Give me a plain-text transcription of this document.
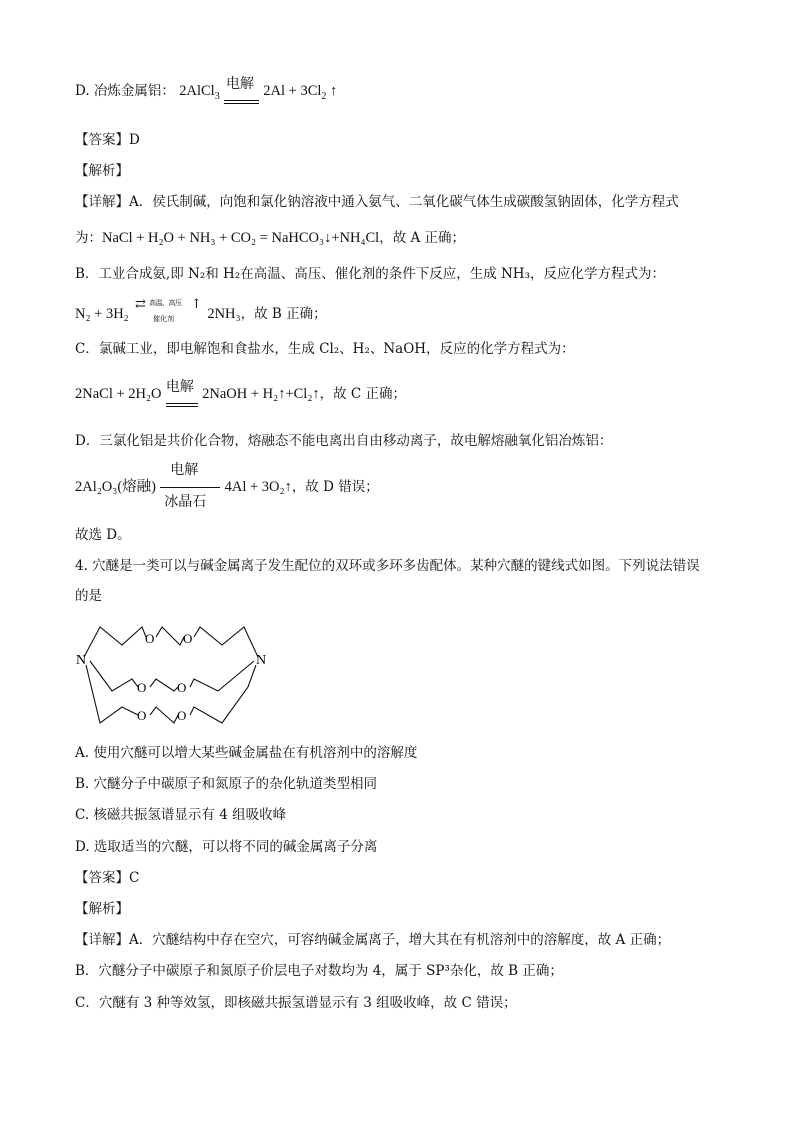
D. 冶炼金属铝： 2AlCl$_3$
电解 $2Al + 3Cl_2$ ↑
【答案】D
【解析】
【详解】A．侯氏制碱，向饱和氯化钠溶液中通入氨气、二氧化碳气体生成碳酸氢钠固体，化学方程式
为：NaCl + H₂O + NH₃ + CO₂ = NaHCO₃↓+NH₄Cl，故 A 正确；
B．工业合成氨,即 N₂和 H₂在高温、高压、催化剂的条件下反应，生成 NH₃，反应化学方程式为：
N₂ + 3H₂
⇄ 高温、高压
催化剂
↑
2NH₃，故 B 正确；
C．氯碱工业，即电解饱和食盐水，生成 Cl₂、H₂、NaOH，反应的化学方程式为：
2NaCl + 2H₂O 电解 2NaOH + H₂↑+Cl₂↑，故 C 正确；
D．三氯化铝是共价化合物，熔融态不能电离出自由移动离子，故电解熔融氧化铝冶炼铝：
2Al₂O₃(熔融)
电解
冰晶石
4Al + 3O₂↑，故 D 错误；
故选 D。
4. 穴醚是一类可以与碱金属离子发生配位的双环或多环多齿配体。某种穴醚的键线式如图。下列说法错误
的是
N	N
O O
O O
O O
A. 使用穴醚可以增大某些碱金属盐在有机溶剂中的溶解度
B. 穴醚分子中碳原子和氮原子的杂化轨道类型相同
C. 核磁共振氢谱显示有 4 组吸收峰
D. 选取适当的穴醚，可以将不同的碱金属离子分离
【答案】C
【解析】
【详解】A．穴醚结构中存在空穴，可容纳碱金属离子，增大其在有机溶剂中的溶解度，故 A 正确；
B．穴醚分子中碳原子和氮原子价层电子对数均为 4，属于 SP³杂化，故 B 正确；
C．穴醚有 3 种等效氢，即核磁共振氢谱显示有 3 组吸收峰，故 C 错误；
